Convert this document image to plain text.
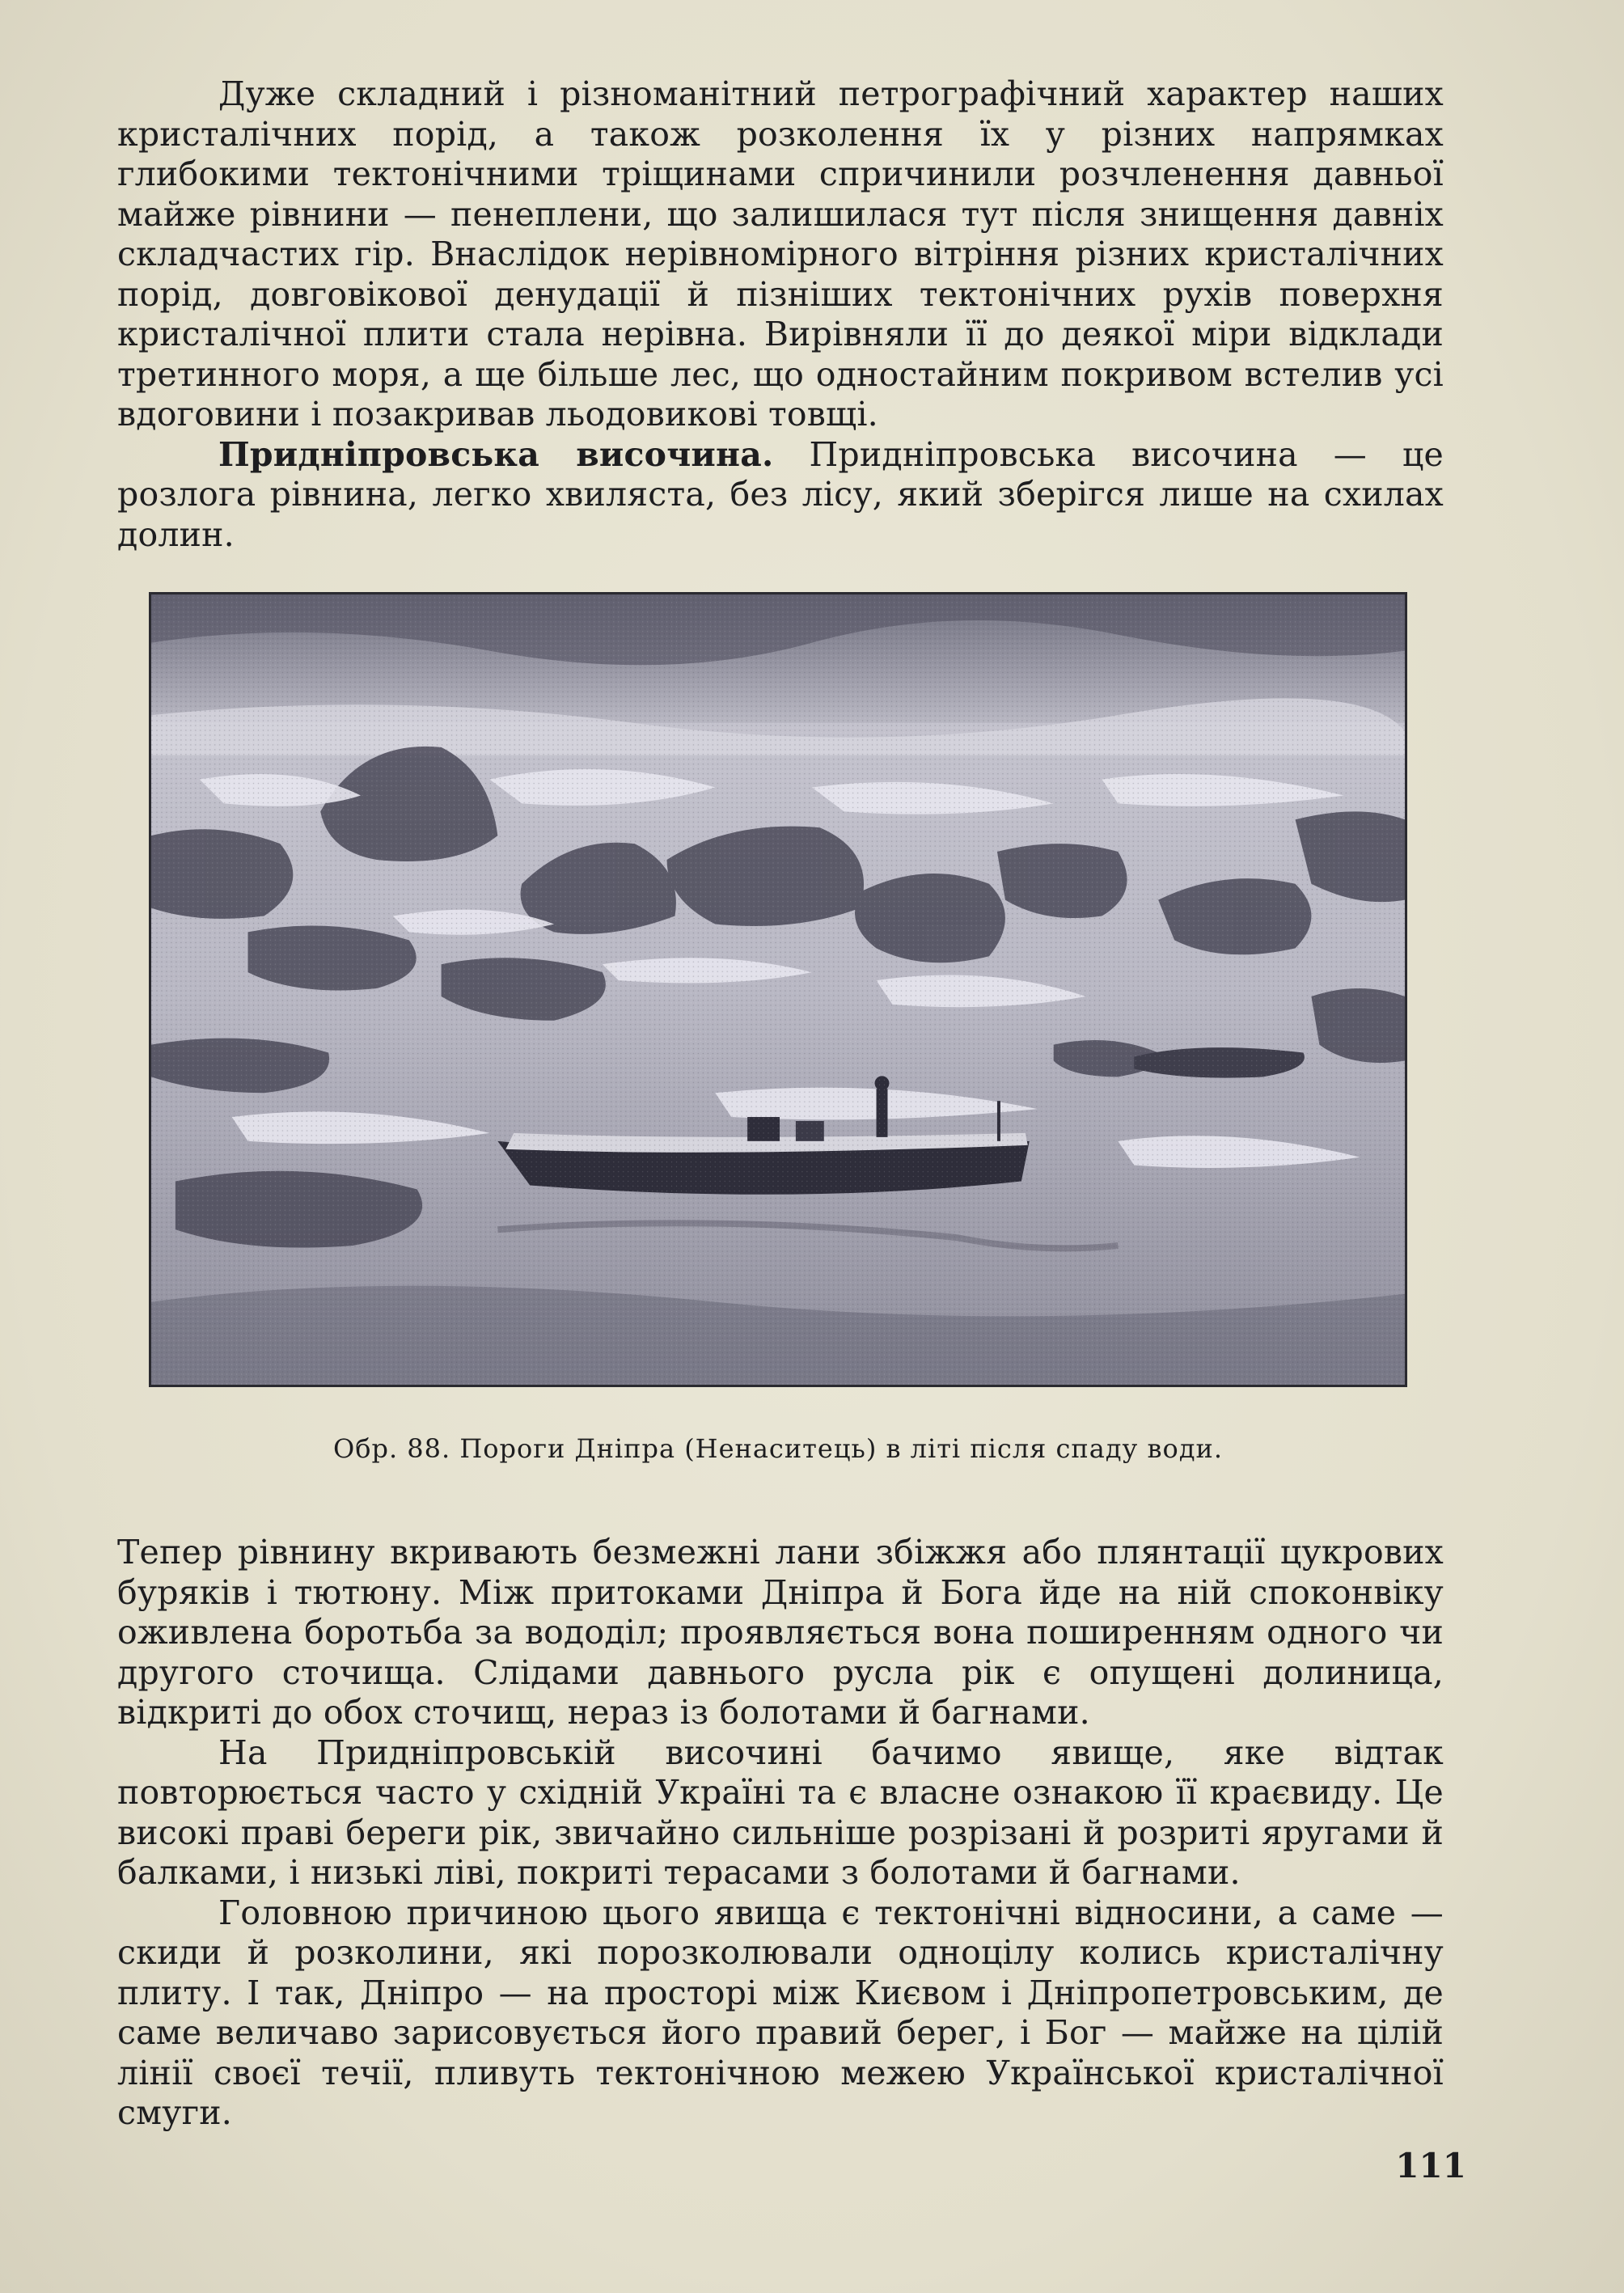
Дуже складний і різноманітний петрографічний характер наших кристалічних порід, а також розколення їх у різних напрямках глибокими тектонічними тріщинами спричинили розчленення давньої майже рівнини — пенеплени, що залишилася тут після знищення давніх складчастих гір. Внаслідок нерівномірного вітріння різних кристалічних порід, довговікової денудації й пізніших тектонічних рухів поверхня кристалічної плити стала нерівна. Вирівняли її до деякої міри відклади третинного моря, а ще більше лес, що одностайним покривом встелив усі вдоговини і позакривав льодовикові товщі.

Придніпровська височина. Придніпровська височина — це розлога рівнина, легко хвиляста, без лісу, який зберігся лише на схилах долин.

Обр. 88. Пороги Дніпра (Ненаситець) в літі після спаду води.

Тепер рівнину вкривають безмежні лани збіжжя або плянтації цукрових буряків і тютюну. Між притоками Дніпра й Бога йде на ній споконвіку оживлена боротьба за вододіл; проявляється вона поширенням одного чи другого сточища. Слідами давнього русла рік є опущені долиница, відкриті до обох сточищ, нераз із болотами й багнами.

На Придніпровській височині бачимо явище, яке відтак повторюється часто у східній Україні та є власне ознакою її краєвиду. Це високі праві береги рік, звичайно сильніше розрізані й розриті яругами й балками, і низькі ліві, покриті терасами з болотами й багнами.

Головною причиною цього явища є тектонічні відносини, а саме — скиди й розколини, які порозколювали одноцілу колись кристалічну плиту. І так, Дніпро — на просторі між Києвом і Дніпропетровським, де саме величаво зарисовується його правий берег, і Бог — майже на цілій лінії своєї течії, пливуть тектонічною межею Української кристалічної смуги.

111
